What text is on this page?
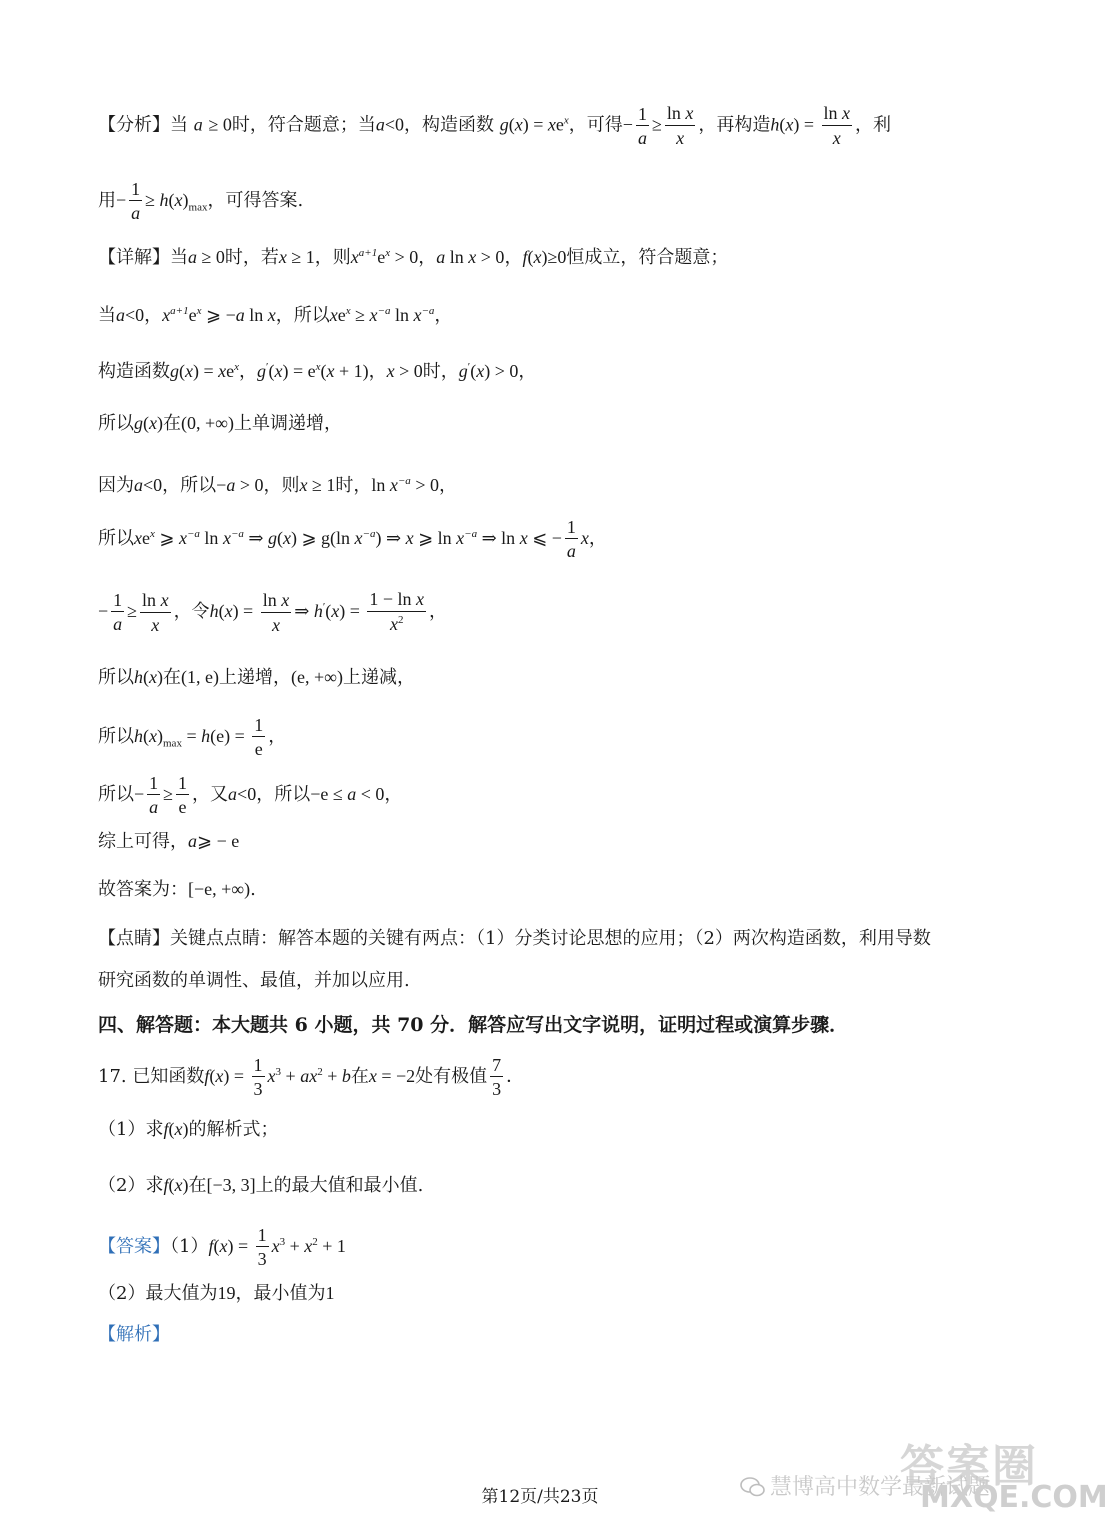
【分析】当 a ≥ 0时，符合题意；当a<0，构造函数 $g(x) = xe^x$，可得− $\frac{1}{a} \ge \frac{\text{ln x}}{x}$ ，再构造$h(x) = \frac{\text{ln x}}{x}$ ，利
用− $\frac{1}{a} \ge h(x)_{max}$，可得答案.
【详解】当a ≥ 0时，若x ≥ 1，则$x^{a+1}e^x > 0$，a ln x > 0，f(x)≥0恒成立，符合题意；
当a<0，$x^{a+1}e^x$ ⩾ −a ln x，所以$xe^x \ge x^{-a}$ $\ln x^{-a}$，
构造函数$g(x) = xe^x$，$g'(x) = e^x(x + 1)$，x > 0时，g′(x) > 0，
所以g(x)在(0, +∞)上单调递增，
因为a<0，所以−a > 0，则x ≥ 1时，$\ln x^{-a} > 0$，
所以$xe^x$ ⩾ $x^{-a}$ $\ln x^{-a}$ ⇒ g(x) ⩾ g(ln $x^{-a}$) ⇒ x ⩾ $\ln x^{-a}$ ⇒ ln x ⩽ − $\frac{1}{a}$ x，
− $\frac{1}{a} \ge \frac{\text{ln x}}{x}$ ，令$h(x) = \frac{\text{ln x}}{x}$ ⇒ $h'(x) = \frac{\text{1 − ln x}}{x^2}$ ，
所以h(x)在(1, e)上递增，(e, +∞)上递减，
所以$h(x)_{max} = h(e) = \frac{1}{e}$ ，
所以− $\frac{1}{a} \ge \frac{1}{e}$ ，又a<0，所以−e ≤ a < 0，
综上可得，a⩾ − e
故答案为：[−e, +∞).
【点睛】关键点点睛：解答本题的关键有两点：（1）分类讨论思想的应用；（2）两次构造函数，利用导数
研究函数的单调性、最值，并加以应用.
四、解答题：本大题共 6 小题，共 70 分．解答应写出文字说明，证明过程或演算步骤．
17. 已知函数$f(x) = \frac{1}{3} x^3 + ax^2 + b$在x = −2处有极值 $\frac{7}{3}$ ．
（1）求f(x)的解析式；
（2）求f(x)在[−3, 3]上的最大值和最小值.
【答案】$(1)f(x) = \frac{1}{3} x^3 + x^2 + 1$
（2）最大值为19，最小值为1
【解析】
答案圈
慧博高中数学最新试题
MXQE.COM
第12页/共23页
